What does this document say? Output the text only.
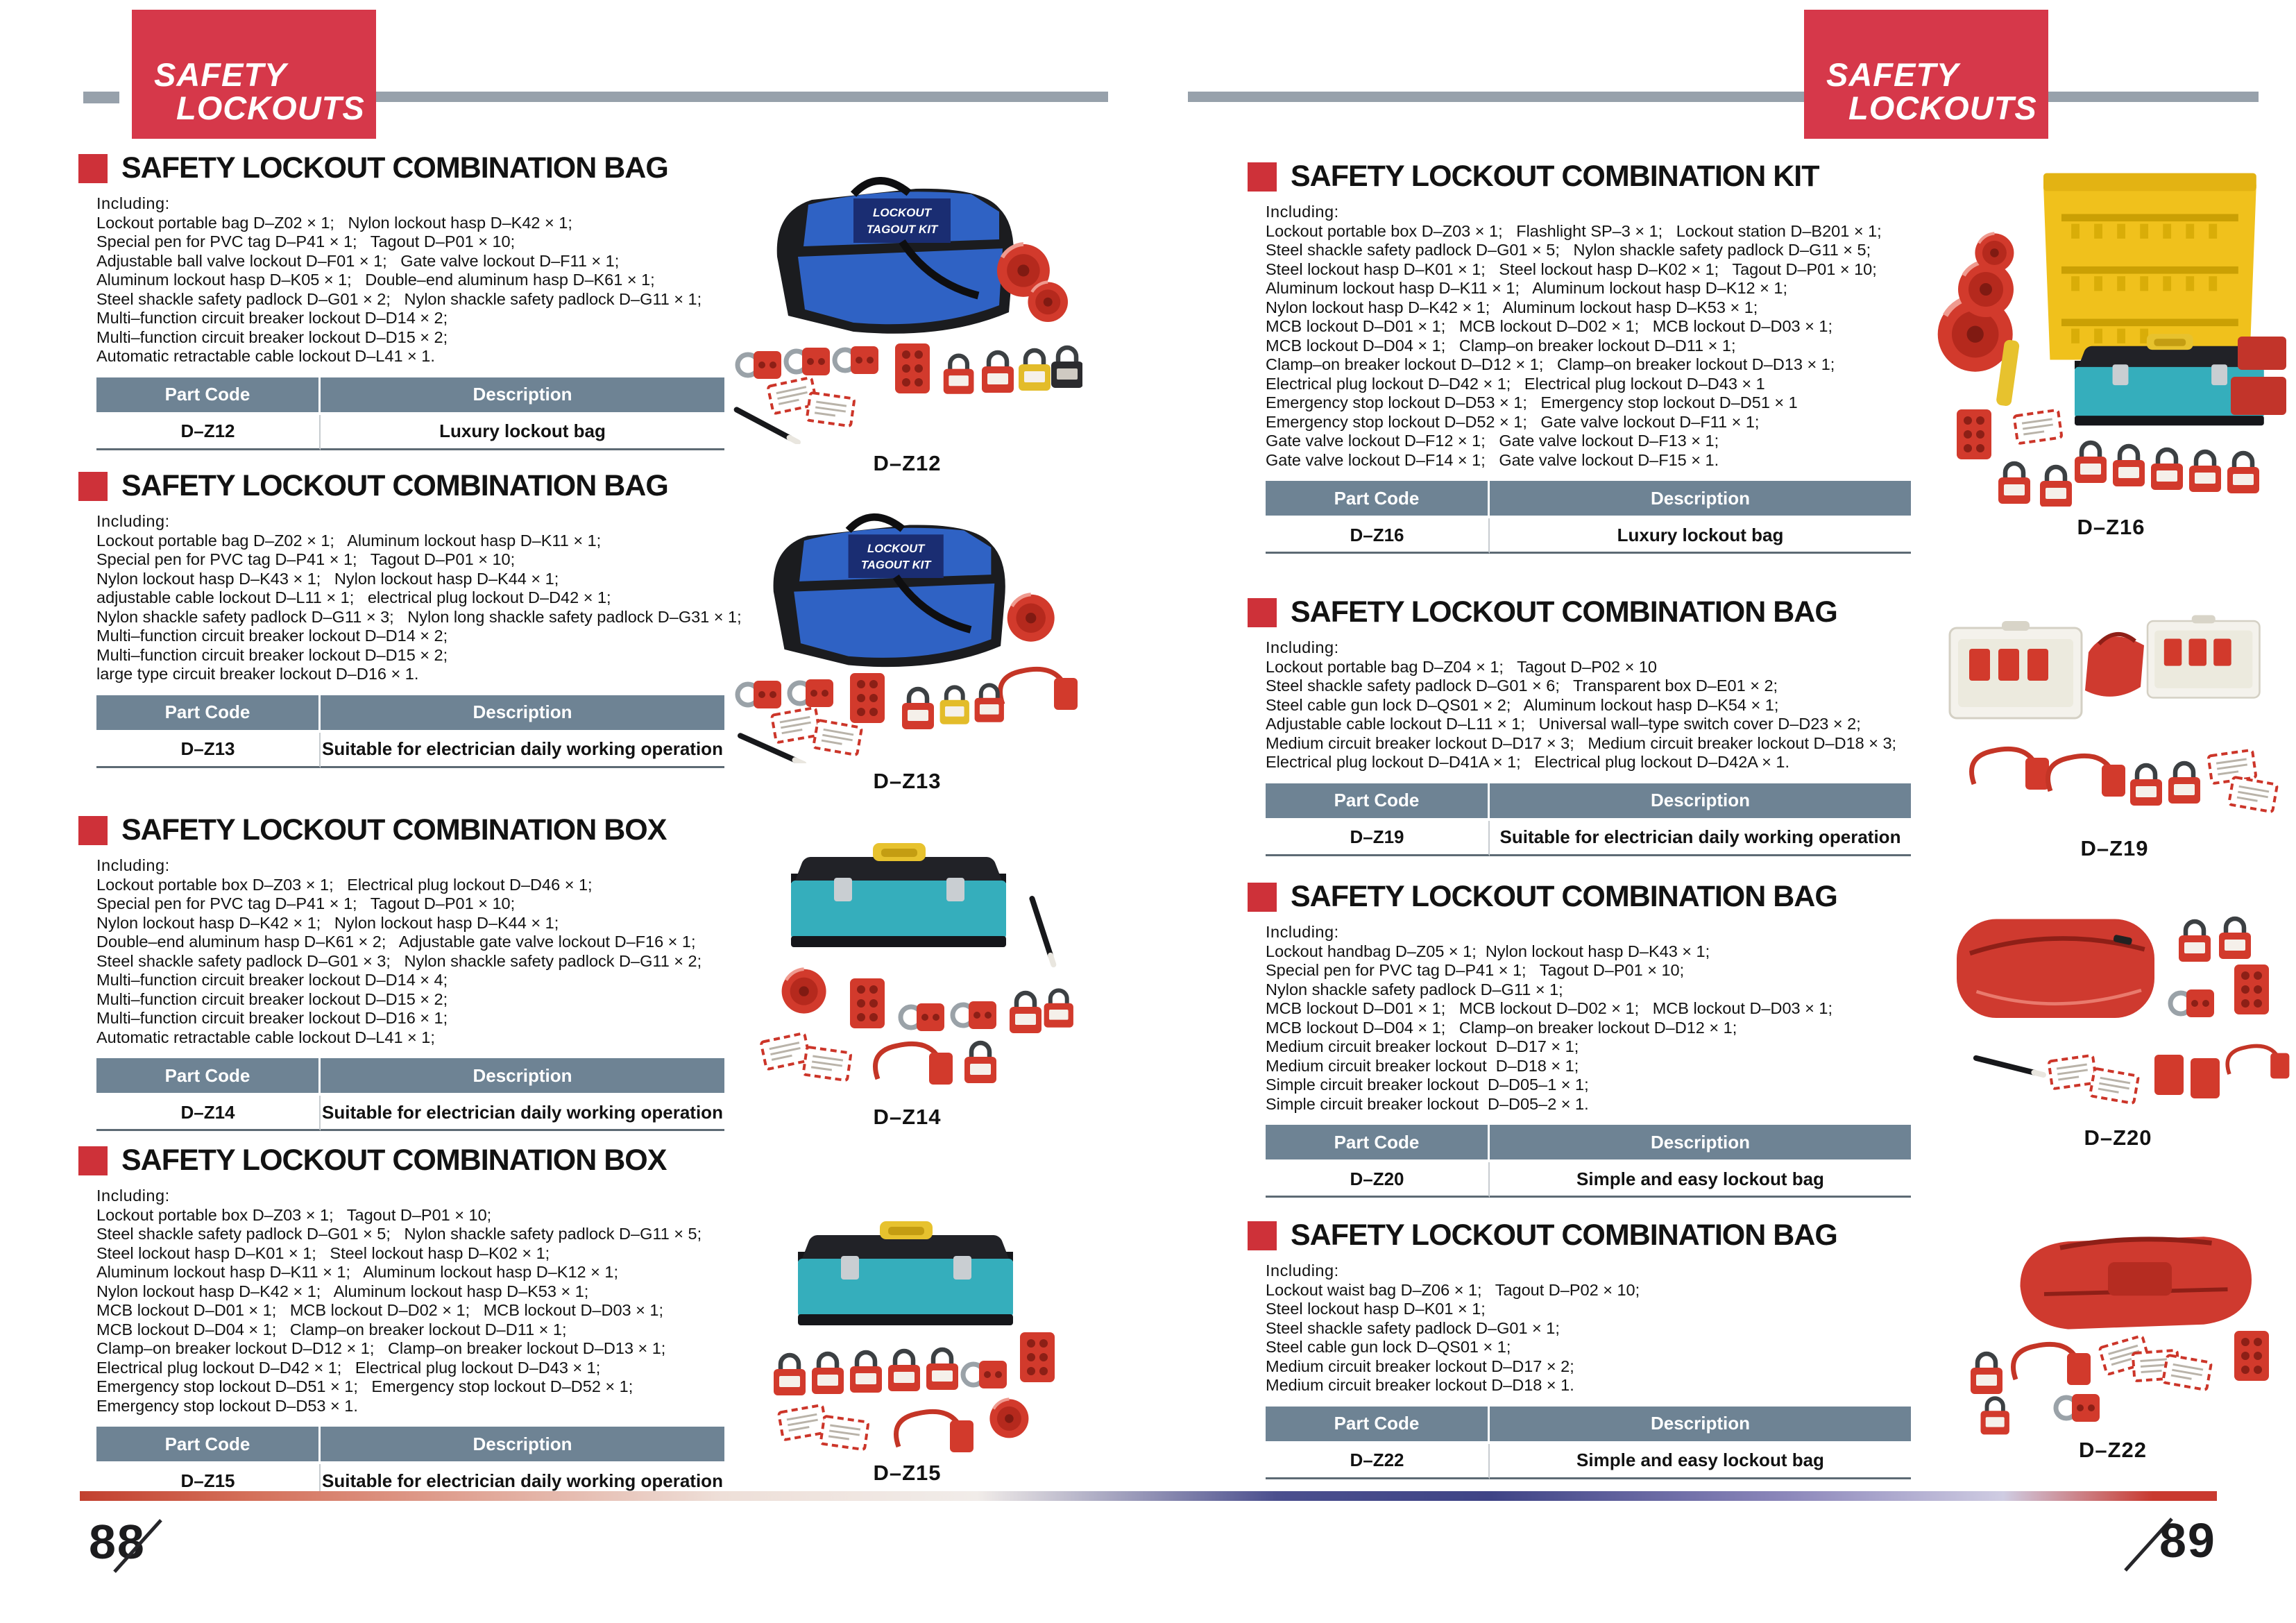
SAFETY
LOCKOUTS
SAFETY
LOCKOUTS
SAFETY LOCKOUT COMBINATION BAG
Including:
Lockout portable bag D–Z02 × 1;   Nylon lockout hasp D–K42 × 1;
Special pen for PVC tag D–P41 × 1;   Tagout D–P01 × 10;
Adjustable ball valve lockout D–F01 × 1;   Gate valve lockout D–F11 × 1;
Aluminum lockout hasp D–K05 × 1;   Double–end aluminum hasp D–K61 × 1;
Steel shackle safety padlock D–G01 × 2;   Nylon shackle safety padlock D–G11 × 1;
Multi–function circuit breaker lockout D–D14 × 2;
Multi–function circuit breaker lockout D–D15 × 2;
Automatic retractable cable lockout D–L41 × 1.
Part Code	Description
D–Z12	Luxury lockout bag
D–Z12
SAFETY LOCKOUT COMBINATION BAG
Including:
Lockout portable bag D–Z02 × 1;   Aluminum lockout hasp D–K11 × 1;
Special pen for PVC tag D–P41 × 1;   Tagout D–P01 × 10;
Nylon lockout hasp D–K43 × 1;   Nylon lockout hasp D–K44 × 1;
adjustable cable lockout D–L11 × 1;   electrical plug lockout D–D42 × 1;
Nylon shackle safety padlock D–G11 × 3;   Nylon long shackle safety padlock D–G31 × 1;
Multi–function circuit breaker lockout D–D14 × 2;
Multi–function circuit breaker lockout D–D15 × 2;
large type circuit breaker lockout D–D16 × 1.
Part Code	Description
D–Z13	Suitable for electrician daily working operation
D–Z13
SAFETY LOCKOUT COMBINATION BOX
Including:
Lockout portable box D–Z03 × 1;   Electrical plug lockout D–D46 × 1;
Special pen for PVC tag D–P41 × 1;   Tagout D–P01 × 10;
Nylon lockout hasp D–K42 × 1;   Nylon lockout hasp D–K44 × 1;
Double–end aluminum hasp D–K61 × 2;   Adjustable gate valve lockout D–F16 × 1;
Steel shackle safety padlock D–G01 × 3;   Nylon shackle safety padlock D–G11 × 2;
Multi–function circuit breaker lockout D–D14 × 4;
Multi–function circuit breaker lockout D–D15 × 2;
Multi–function circuit breaker lockout D–D16 × 1;
Automatic retractable cable lockout D–L41 × 1;
Part Code	Description
D–Z14	Suitable for electrician daily working operation	D–Z14
SAFETY LOCKOUT COMBINATION BOX
Including:
Lockout portable box D–Z03 × 1;   Tagout D–P01 × 10;
Steel shackle safety padlock D–G01 × 5;   Nylon shackle safety padlock D–G11 × 5;
Steel lockout hasp D–K01 × 1;   Steel lockout hasp D–K02 × 1;
Aluminum lockout hasp D–K11 × 1;   Aluminum lockout hasp D–K12 × 1;
Nylon lockout hasp D–K42 × 1;   Aluminum lockout hasp D–K53 × 1;
MCB lockout D–D01 × 1;   MCB lockout D–D02 × 1;   MCB lockout D–D03 × 1;
MCB lockout D–D04 × 1;   Clamp–on breaker lockout D–D11 × 1;
Clamp–on breaker lockout D–D12 × 1;   Clamp–on breaker lockout D–D13 × 1;
Electrical plug lockout D–D42 × 1;   Electrical plug lockout D–D43 × 1;
Emergency stop lockout D–D51 × 1;   Emergency stop lockout D–D52 × 1;
Emergency stop lockout D–D53 × 1.
Part Code	Description
D–Z15	Suitable for electrician daily working operation	D–Z15
SAFETY LOCKOUT COMBINATION KIT
Including:
Lockout portable box D–Z03 × 1;   Flashlight SP–3 × 1;   Lockout station D–B201 × 1;
Steel shackle safety padlock D–G01 × 5;   Nylon shackle safety padlock D–G11 × 5;
Steel lockout hasp D–K01 × 1;   Steel lockout hasp D–K02 × 1;   Tagout D–P01 × 10;
Aluminum lockout hasp D–K11 × 1;   Aluminum lockout hasp D–K12 × 1;
Nylon lockout hasp D–K42 × 1;   Aluminum lockout hasp D–K53 × 1;
MCB lockout D–D01 × 1;   MCB lockout D–D02 × 1;   MCB lockout D–D03 × 1;
MCB lockout D–D04 × 1;   Clamp–on breaker lockout D–D11 × 1;
Clamp–on breaker lockout D–D12 × 1;   Clamp–on breaker lockout D–D13 × 1;
Electrical plug lockout D–D42 × 1;   Electrical plug lockout D–D43 × 1
Emergency stop lockout D–D53 × 1;   Emergency stop lockout D–D51 × 1
Emergency stop lockout D–D52 × 1;   Gate valve lockout D–F11 × 1;
Gate valve lockout D–F12 × 1;   Gate valve lockout D–F13 × 1;
Gate valve lockout D–F14 × 1;   Gate valve lockout D–F15 × 1.
Part Code	Description
D–Z16	Luxury lockout bag	D–Z16
SAFETY LOCKOUT COMBINATION BAG
Including:
Lockout portable bag D–Z04 × 1;   Tagout D–P02 × 10
Steel shackle safety padlock D–G01 × 6;   Transparent box D–E01 × 2;
Steel cable gun lock D–QS01 × 2;   Aluminum lockout hasp D–K54 × 1;
Adjustable cable lockout D–L11 × 1;   Universal wall–type switch cover D–D23 × 2;
Medium circuit breaker lockout D–D17 × 3;   Medium circuit breaker lockout D–D18 × 3;
Electrical plug lockout D–D41A × 1;   Electrical plug lockout D–D42A × 1.
Part Code	Description
D–Z19	Suitable for electrician daily working operation	D–Z19
SAFETY LOCKOUT COMBINATION BAG
Including:
Lockout handbag D–Z05 × 1;  Nylon lockout hasp D–K43 × 1;
Special pen for PVC tag D–P41 × 1;   Tagout D–P01 × 10;
Nylon shackle safety padlock D–G11 × 1;
MCB lockout D–D01 × 1;   MCB lockout D–D02 × 1;   MCB lockout D–D03 × 1;
MCB lockout D–D04 × 1;   Clamp–on breaker lockout D–D12 × 1;
Medium circuit breaker lockout  D–D17 × 1;
Medium circuit breaker lockout  D–D18 × 1;
Simple circuit breaker lockout  D–D05–1 × 1;
Simple circuit breaker lockout  D–D05–2 × 1.
Part Code	Description
D–Z20	Simple and easy lockout bag
D–Z20
SAFETY LOCKOUT COMBINATION BAG
Including:
Lockout waist bag D–Z06 × 1;   Tagout D–P02 × 10;
Steel lockout hasp D–K01 × 1;
Steel shackle safety padlock D–G01 × 1;
Steel cable gun lock D–QS01 × 1;
Medium circuit breaker lockout D–D17 × 2;
Medium circuit breaker lockout D–D18 × 1.
Part Code	Description
D–Z22	Simple and easy lockout bag	D–Z22
88	89
